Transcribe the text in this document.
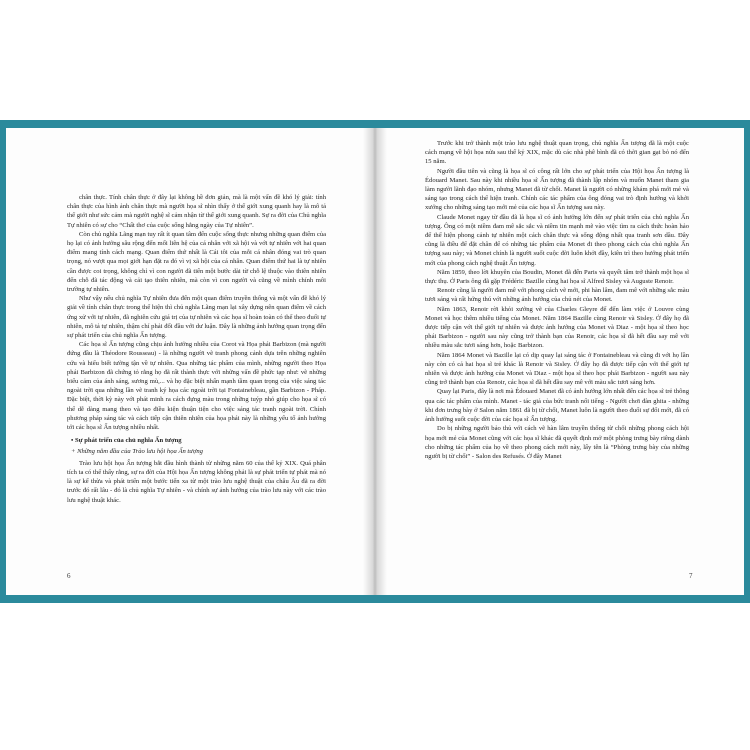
chân thực. Tính chân thực ở đây lại không hề đơn giản, mà là một vấn đề khó lý giải: tính chân thực của hình ảnh chân thực mà người họa sĩ nhìn thấy ở thế giới xung quanh hay là mô tả thế giới như sức cảm mà người nghệ sĩ cảm nhận từ thế giới xung quanh. Sự ra đời của Chủ nghĩa Tự nhiên có sự cho “Chất thơ của cuộc sống hằng ngày của Tự nhiên”.

Còn chủ nghĩa Lãng mạn tuy rất ít quan tâm đến cuộc sống thực nhưng những quan điểm của họ lại có ảnh hưởng sâu rộng đến mối liên hệ của cá nhân với xã hội và với tự nhiên với hai quan điểm mang tính cách mạng. Quan điểm thứ nhất là Cái tôi của mỗi cá nhân đóng vai trò quan trọng, nó vượt qua mọi giới hạn đặt ra đó vì vị xã hội của cá nhân. Quan điểm thứ hai là tự nhiên cần được coi trọng, không chỉ vì con người đã tiến một bước dài từ chỗ lệ thuộc vào thiên nhiên đến chỗ đã tác động và cải tạo thiên nhiên, mà còn vì con người và cũng về mình chính môi trường tự nhiên.

Như vậy nếu chủ nghĩa Tự nhiên đưa đến một quan điểm truyền thống và một vấn đề khó lý giải về tính chân thực trong thể hiện thì chủ nghĩa Lãng mạn lại xây dựng nên quan điểm về cách ứng xử với tự nhiên, đã nghiên cứu giá trị của tự nhiên và các họa sĩ hoàn toàn có thể theo đuổi tự nhiên, mô tả tự nhiên, thậm chí phải đối đầu với dư luận. Đây là những ảnh hưởng quan trọng đến sự phát triển của chủ nghĩa Ấn tượng.

Các họa sĩ Ấn tượng cũng chịu ảnh hưởng nhiều của Corot và Họa phái Barbizon (mà người đứng đầu là Théodore Rousseau) - là những người vẽ tranh phong cảnh dựa trên những nghiên cứu và hiểu biết tường tận về tự nhiên. Qua những tác phẩm của mình, những người theo Họa phái Barbizon đã chứng tỏ rằng họ đã rất thành thực với những vấn đề phức tạp như: vẽ những biểu cảm của ánh sáng, sương mù,... và họ đặc biệt nhấn mạnh tầm quan trọng của việc sáng tác ngoài trời qua những lần vẽ tranh ký họa các ngoài trời tại Fontainebleau, gần Barbizon - Pháp. Đặc biệt, thời kỳ này với phát minh ra cách đựng màu trong những tuýp nhỏ giúp cho họa sĩ có thể dễ dàng mang theo và tạo điều kiện thuận tiện cho việc sáng tác tranh ngoài trời. Chính phương pháp sáng tác và cách tiếp cận thiên nhiên của họa phái này là những yếu tố ảnh hưởng tới các họa sĩ Ấn tượng nhiều nhất.

• Sự phát triển của chủ nghĩa Ấn tượng

+ Những năm đầu của Trào lưu hội họa Ấn tượng

Trào lưu hội họa Ấn tượng bắt đầu hình thành từ những năm 60 của thế kỷ XIX. Quá phân tích ta có thể thấy rằng, sự ra đời của Hội họa Ấn tượng không phải là sự phát triển tự phát mà nó là sự kế thừa và phát triển một bước tiến xa từ một trào lưu nghệ thuật của châu Âu đã ra đời trước đó rất lâu - đó là chủ nghĩa Tự nhiên - và chính sự ảnh hưởng của trào lưu này với các trào lưu nghệ thuật khác.

6

Trước khi trở thành một trào lưu nghệ thuật quan trọng, chủ nghĩa Ấn tượng đã là một cuộc cách mạng về hội họa nửa sau thế kỷ XIX, mặc dù các nhà phê bình đã có thời gian gạt bỏ nó đến 15 năm.

Người đầu tiên và cũng là họa sĩ có công rất lớn cho sự phát triển của Hội họa Ấn tượng là Édouard Manet. Sau này khi nhiều họa sĩ Ấn tượng đã thành lập nhóm và muốn Manet tham gia làm người lãnh đạo nhóm, nhưng Manet đã từ chối. Manet là người có những khám phá mới mẻ và sáng tạo trong cách thể hiện tranh. Chính các tác phẩm của ông đóng vai trò định hướng và khởi xướng cho những sáng tạo mới mẻ của các họa sĩ Ấn tượng sau này.

Claude Monet ngay từ đầu đã là họa sĩ có ảnh hưởng lớn đến sự phát triển của chủ nghĩa Ấn tượng. Ông có một niềm đam mê sắc sắc và niềm tin mạnh mẽ vào việc tìm ra cách thức hoàn hảo để thể hiện phong cảnh tự nhiên một cách chân thực và sống động nhất qua tranh sơn dầu. Đây cũng là điều để đặt chân để có những tác phẩm của Monet đi theo phong cách của chủ nghĩa Ấn tượng sau này; và Monet chính là người suốt cuộc đời luôn khởi đầy, kiên trì theo hướng phát triển mới của phong cách nghệ thuật Ấn tượng.

Năm 1859, theo lời khuyên của Boudin, Monet đã đến Paris và quyết tâm trở thành một họa sĩ thực thụ. Ở Paris ông đã gặp Frédéric Bazille cùng hai họa sĩ Alfred Sisley và Auguste Renoir.

Renoir cũng là người đam mê với phong cách vẽ mới, phi hàn lâm, đam mê với những sắc màu tươi sáng và rất hứng thú với những ảnh hưởng của chủ nét của Monet.

Năm 1863, Renoir rời khỏi xưởng vẽ của Charles Gleyre để đến làm việc ở Louvre cùng Monet và học thêm nhiều tiếng của Monet. Năm 1864 Bazille cùng Renoir và Sisley. Ở đây họ đã được tiếp cận với thế giới tự nhiên và được ảnh hưởng của Monet và Diaz - một họa sĩ theo học phái Barbizon - người sau này cũng trở thành bạn của Renoir, các họa sĩ đã hết đầu say mê với nhiều màu sắc tươi sáng hơn, hoặc Barbizon.

Năm 1864 Monet và Bazille lại có dịp quay lại sáng tác ở Fontainebleau và cũng đi với họ lần này còn có cả hai họa sĩ trẻ khác là Renoir và Sisley. Ở đây họ đã được tiếp cận với thế giới tự nhiên và được ảnh hưởng của Monet và Diaz - một họa sĩ theo học phái Barbizon - người sau này cũng trở thành bạn của Renoir, các họa sĩ đã hết đầu say mê với màu sắc tươi sáng hơn.

Quay lại Paris, đây là nơi mà Édouard Manet đã có ảnh hưởng lớn nhất đến các họa sĩ trẻ thông qua các tác phẩm của mình. Manet - tác giả của bức tranh nổi tiếng - Người chơi đàn ghita - những khi đơn trưng bày ở Salon năm 1861 đã bị từ chối, Manet luôn là người theo đuổi sự đổi mới, đã có ảnh hưởng suốt cuộc đời của các họa sĩ Ấn tượng.

Do bị những người bảo thủ với cách vẽ hàn lâm truyền thống từ chối những phong cách hội họa mới mẻ của Monet cũng với các họa sĩ khác đã quyết định mở một phòng trưng bày riêng dành cho những tác phẩm của họ về theo phong cách mới này, lấy tên là “Phòng trưng bày của những người bị từ chối” - Salon des Refusés. Ở đây Manet

7
